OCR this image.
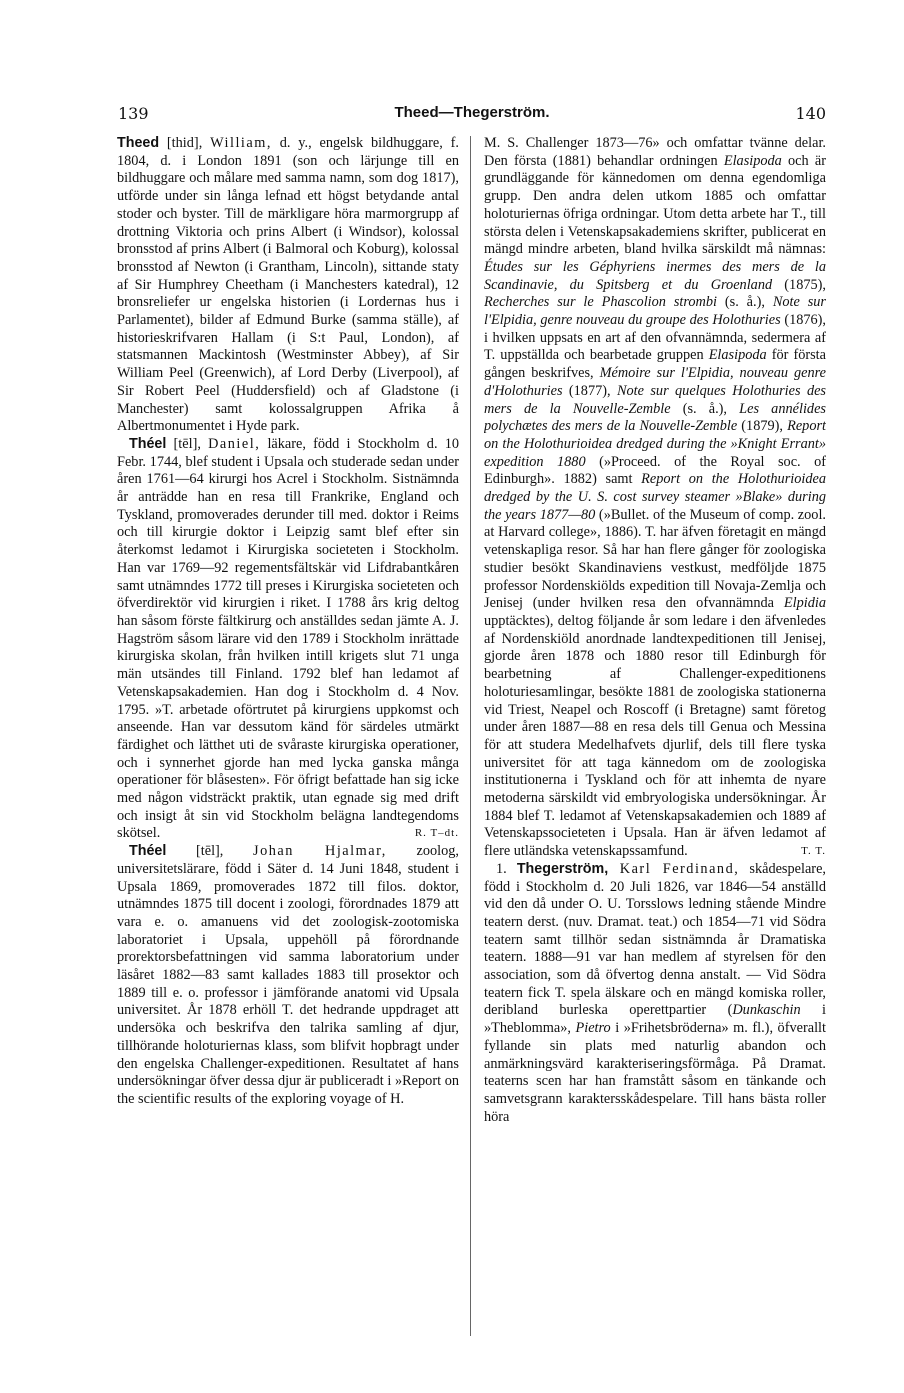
139	Theed—Thegerström.	140

Theed [thid], William, d. y., engelsk bildhuggare, f. 1804, d. i London 1891 (son och lärjunge till en bildhuggare och målare med samma namn, som dog 1817), utförde under sin långa lefnad ett högst betydande antal stoder och byster. Till de märkligare höra marmorgrupp af drottning Viktoria och prins Albert (i Windsor), kolossal bronsstod af prins Albert (i Balmoral och Koburg), kolossal bronsstod af Newton (i Grantham, Lincoln), sittande staty af Sir Humphrey Cheetham (i Manchesters katedral), 12 bronsreliefer ur engelska historien (i Lordernas hus i Parlamentet), bilder af Edmund Burke (samma ställe), af historieskrifvaren Hallam (i S:t Paul, London), af statsmannen Mackintosh (Westminster Abbey), af Sir William Peel (Greenwich), af Lord Derby (Liverpool), af Sir Robert Peel (Huddersfield) och af Gladstone (i Manchester) samt kolossalgruppen Afrika å Albertmonumentet i Hyde park.

Théel [tēl], Daniel, läkare, född i Stockholm d. 10 Febr. 1744, blef student i Upsala och studerade sedan under åren 1761—64 kirurgi hos Acrel i Stockholm. Sistnämnda år anträdde han en resa till Frankrike, England och Tyskland, promoverades derunder till med. doktor i Reims och till kirurgie doktor i Leipzig samt blef efter sin återkomst ledamot i Kirurgiska societeten i Stockholm. Han var 1769—92 regementsfältskär vid Lifdrabantkåren samt utnämndes 1772 till preses i Kirurgiska societeten och öfverdirektör vid kirurgien i riket. I 1788 års krig deltog han såsom förste fältkirurg och anställdes sedan jämte A. J. Hagström såsom lärare vid den 1789 i Stockholm inrättade kirurgiska skolan, från hvilken intill krigets slut 71 unga män utsändes till Finland. 1792 blef han ledamot af Vetenskapsakademien. Han dog i Stockholm d. 4 Nov. 1795. »T. arbetade oförtrutet på kirurgiens uppkomst och anseende. Han var dessutom känd för särdeles utmärkt färdighet och lätthet uti de svåraste kirurgiska operationer, och i synnerhet gjorde han med lycka ganska många operationer för blåsesten». För öfrigt befattade han sig icke med någon vidsträckt praktik, utan egnade sig med drift och insigt åt sin vid Stockholm belägna landtegendoms skötsel.	R. T–dt.

Théel [tēl], Johan Hjalmar, zoolog, universitetslärare, född i Säter d. 14 Juni 1848, student i Upsala 1869, promoverades 1872 till filos. doktor, utnämndes 1875 till docent i zoologi, förordnades 1879 att vara e. o. amanuens vid det zoologisk-zootomiska laboratoriet i Upsala, uppehöll på förordnande prorektorsbefattningen vid samma laboratorium under läsåret 1882—83 samt kallades 1883 till prosektor och 1889 till e. o. professor i jämförande anatomi vid Upsala universitet. År 1878 erhöll T. det hedrande uppdraget att undersöka och beskrifva den talrika samling af djur, tillhörande holoturiernas klass, som blifvit hopbragt under den engelska Challenger-expeditionen. Resultatet af hans undersökningar öfver dessa djur är publiceradt i »Report on the scientific results of the exploring voyage of H.

M. S. Challenger 1873—76» och omfattar tvänne delar. Den första (1881) behandlar ordningen Elasipoda och är grundläggande för kännedomen om denna egendomliga grupp. Den andra delen utkom 1885 och omfattar holoturiernas öfriga ordningar. Utom detta arbete har T., till största delen i Vetenskapsakademiens skrifter, publicerat en mängd mindre arbeten, bland hvilka särskildt må nämnas: Études sur les Géphyriens inermes des mers de la Scandinavie, du Spitsberg et du Groenland (1875), Recherches sur le Phascolion strombi (s. å.), Note sur l'Elpidia, genre nouveau du groupe des Holothuries (1876), i hvilken uppsats en art af den ofvannämnda, sedermera af T. uppställda och bearbetade gruppen Elasipoda för första gången beskrifves, Mémoire sur l'Elpidia, nouveau genre d'Holothuries (1877), Note sur quelques Holothuries des mers de la Nouvelle-Zemble (s. å.), Les annélides polychætes des mers de la Nouvelle-Zemble (1879), Report on the Holothurioidea dredged during the »Knight Errant» expedition 1880 (»Proceed. of the Royal soc. of Edinburgh». 1882) samt Report on the Holothurioidea dredged by the U. S. cost survey steamer »Blake» during the years 1877—80 (»Bullet. of the Museum of comp. zool. at Harvard college», 1886). T. har äfven företagit en mängd vetenskapliga resor. Så har han flere gånger för zoologiska studier besökt Skandinaviens vestkust, medföljde 1875 professor Nordenskiölds expedition till Novaja-Zemlja och Jenisej (under hvilken resa den ofvannämnda Elpidia upptäcktes), deltog följande år som ledare i den äfvenledes af Nordenskiöld anordnade landtexpeditionen till Jenisej, gjorde åren 1878 och 1880 resor till Edinburgh för bearbetning af Challenger-expeditionens holoturiesamlingar, besökte 1881 de zoologiska stationerna vid Triest, Neapel och Roscoff (i Bretagne) samt företog under åren 1887—88 en resa dels till Genua och Messina för att studera Medelhafvets djurlif, dels till flere tyska universitet för att taga kännedom om de zoologiska institutionerna i Tyskland och för att inhemta de nyare metoderna särskildt vid embryologiska undersökningar. År 1884 blef T. ledamot af Vetenskapsakademien och 1889 af Vetenskapssocieteten i Upsala. Han är äfven ledamot af flere utländska vetenskapssamfund.	T. T.

1. Thegerström, Karl Ferdinand, skådespelare, född i Stockholm d. 20 Juli 1826, var 1846—54 anställd vid den då under O. U. Torsslows ledning stående Mindre teatern derst. (nuv. Dramat. teat.) och 1854—71 vid Södra teatern samt tillhör sedan sistnämnda år Dramatiska teatern. 1888—91 var han medlem af styrelsen för den association, som då öfvertog denna anstalt. — Vid Södra teatern fick T. spela älskare och en mängd komiska roller, deribland burleska operettpartier (Dunkaschin i »Theblomma», Pietro i »Frihetsbröderna» m. fl.), öfverallt fyllande sin plats med naturlig abandon och anmärkningsvärd karakteriseringsförmåga. På Dramat. teaterns scen har han framstått såsom en tänkande och samvetsgrann karaktersskådespelare. Till hans bästa roller höra
